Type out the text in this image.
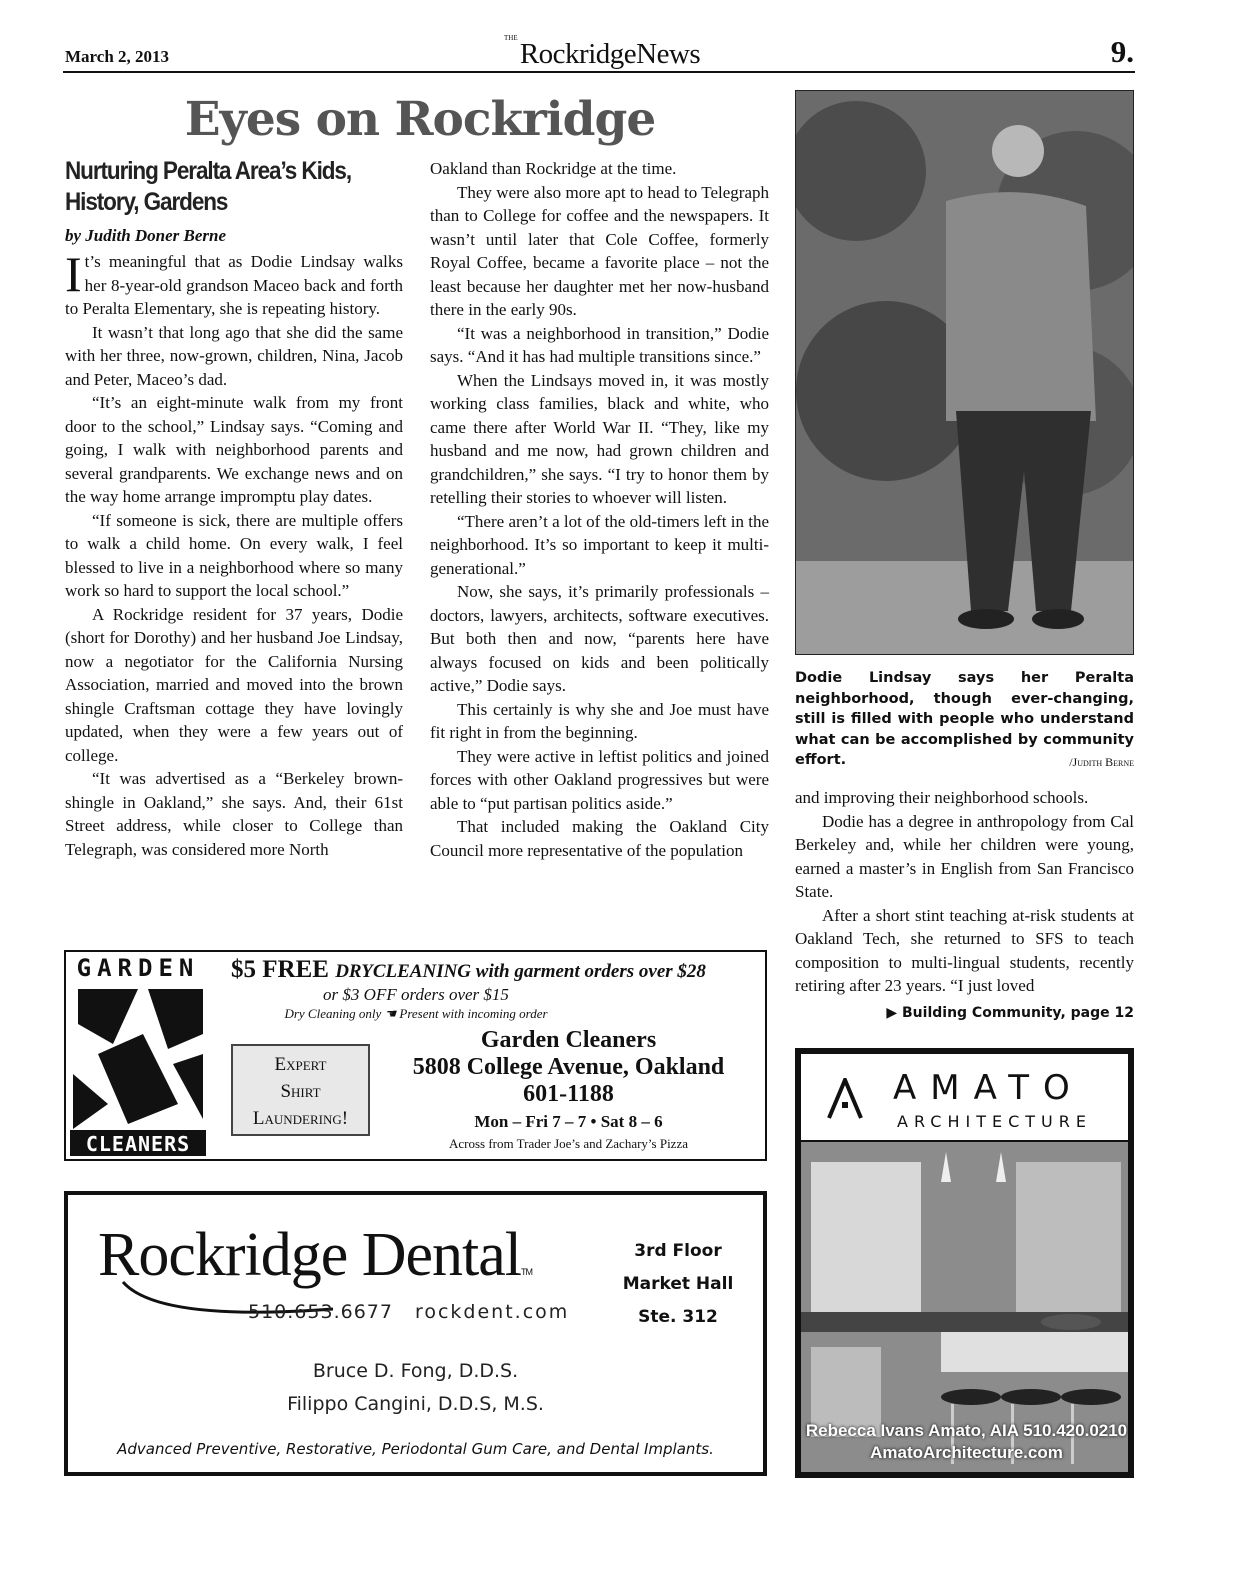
March 2, 2013
THE RockridgeNews	9.
Eyes on Rockridge
Nurturing Peralta Area’s Kids, History, Gardens
by Judith Doner Berne

It’s meaningful that as Dodie Lindsay walks her 8-year-old grandson Maceo back and forth to Peralta Elementary, she is repeating history.

It wasn’t that long ago that she did the same with her three, now-grown, children, Nina, Jacob and Peter, Maceo’s dad.

“It’s an eight-minute walk from my front door to the school,” Lindsay says. “Coming and going, I walk with neighborhood parents and several grandparents. We exchange news and on the way home arrange impromptu play dates.

“If someone is sick, there are multiple offers to walk a child home. On every walk, I feel blessed to live in a neighborhood where so many work so hard to support the local school.”

A Rockridge resident for 37 years, Dodie (short for Dorothy) and her husband Joe Lindsay, now a negotiator for the California Nursing Association, married and moved into the brown shingle Craftsman cottage they have lovingly updated, when they were a few years out of college.

“It was advertised as a “Berkeley brown-shingle in Oakland,” she says. And, their 61st Street address, while closer to College than Telegraph, was considered more North

Oakland than Rockridge at the time.

They were also more apt to head to Telegraph than to College for coffee and the newspapers. It wasn’t until later that Cole Coffee, formerly Royal Coffee, became a favorite place – not the least because her daughter met her now-husband there in the early 90s.

“It was a neighborhood in transition,” Dodie says. “And it has had multiple transitions since.”

When the Lindsays moved in, it was mostly working class families, black and white, who came there after World War II. “They, like my husband and me now, had grown children and grandchildren,” she says. “I try to honor them by retelling their stories to whoever will listen.

“There aren’t a lot of the old-timers left in the neighborhood. It’s so important to keep it multi-generational.”

Now, she says, it’s primarily professionals – doctors, lawyers, architects, software executives. But both then and now, “parents here have always focused on kids and been politically active,” Dodie says.

This certainly is why she and Joe must have fit right in from the beginning.

They were active in leftist politics and joined forces with other Oakland progressives but were able to “put partisan politics aside.”

That included making the Oakland City Council more representative of the population

Dodie Lindsay says her Peralta neighborhood, though ever-changing, still is filled with people who understand what can be accomplished by community effort.	/Judith Berne

and improving their neighborhood schools.

Dodie has a degree in anthropology from Cal Berkeley and, while her children were young, earned a master’s in English from San Francisco State.

After a short stint teaching at-risk students at Oakland Tech, she returned to SFS to teach composition to multi-lingual students, recently retiring after 23 years. “I just loved

▶ Building Community, page 12
GARDEN
CLEANERS
$5 FREE DRYCLEANING with garment orders over $28
or $3 OFF orders over $15
Dry Cleaning only ☚ Present with incoming order
Expert
Shirt
Laundering!
Garden Cleaners
5808 College Avenue, Oakland
601-1188
Mon – Fri 7 – 7 • Sat 8 – 6
Across from Trader Joe’s and Zachary’s Pizza
Rockridge DentalTM
510.653.6677 rockdent.com
3rd Floor
Market Hall
Ste. 312
Bruce D. Fong, D.D.S.
Filippo Cangini, D.D.S, M.S.
Advanced Preventive, Restorative, Periodontal Gum Care, and Dental Implants.
AMATO
ARCHITECTURE
Rebecca Ivans Amato, AIA 510.420.0210
AmatoArchitecture.com
